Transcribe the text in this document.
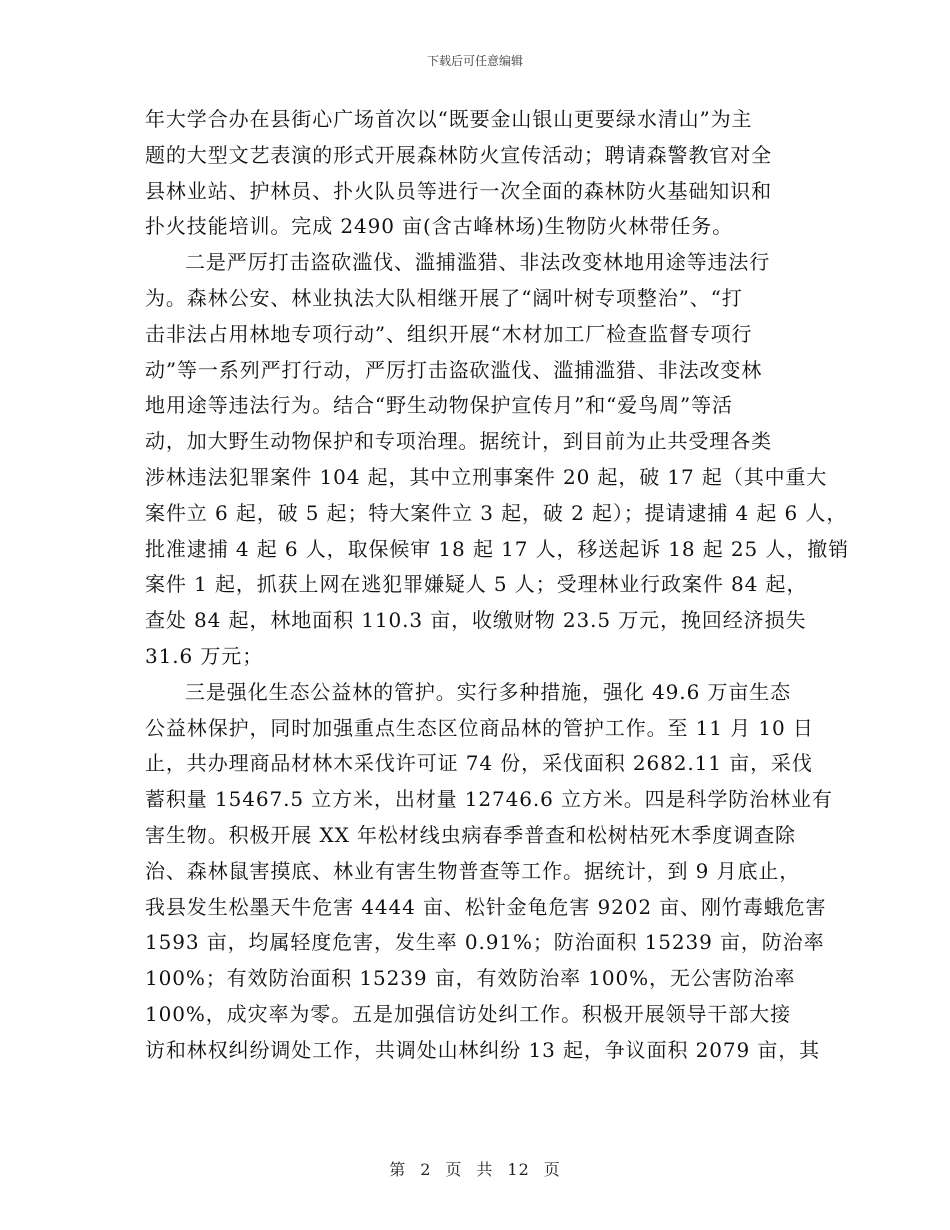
下载后可任意编辑
年大学合办在县街心广场首次以“既要金山银山更要绿水清山”为主
题的大型文艺表演的形式开展森林防火宣传活动；聘请森警教官对全
县林业站、护林员、扑火队员等进行一次全面的森林防火基础知识和
扑火技能培训。完成 2490 亩(含古峰林场)生物防火林带任务。
二是严厉打击盗砍滥伐、滥捕滥猎、非法改变林地用途等违法行
为。森林公安、林业执法大队相继开展了“阔叶树专项整治”、“打
击非法占用林地专项行动”、组织开展“木材加工厂检查监督专项行
动”等一系列严打行动，严厉打击盗砍滥伐、滥捕滥猎、非法改变林
地用途等违法行为。结合“野生动物保护宣传月”和“爱鸟周”等活
动，加大野生动物保护和专项治理。据统计，到目前为止共受理各类
涉林违法犯罪案件 104 起，其中立刑事案件 20 起，破 17 起（其中重大
案件立 6 起，破 5 起；特大案件立 3 起，破 2 起）；提请逮捕 4 起 6 人，
批准逮捕 4 起 6 人，取保候审 18 起 17 人，移送起诉 18 起 25 人，撤销
案件 1 起，抓获上网在逃犯罪嫌疑人 5 人；受理林业行政案件 84 起，
查处 84 起，林地面积 110.3 亩，收缴财物 23.5 万元，挽回经济损失
31.6 万元；
三是强化生态公益林的管护。实行多种措施，强化 49.6 万亩生态
公益林保护，同时加强重点生态区位商品林的管护工作。至 11 月 10 日
止，共办理商品材林木采伐许可证 74 份，采伐面积 2682.11 亩，采伐
蓄积量 15467.5 立方米，出材量 12746.6 立方米。四是科学防治林业有
害生物。积极开展 XX 年松材线虫病春季普查和松树枯死木季度调查除
治、森林鼠害摸底、林业有害生物普查等工作。据统计，到 9 月底止，
我县发生松墨天牛危害 4444 亩、松针金龟危害 9202 亩、刚竹毒蛾危害
1593 亩，均属轻度危害，发生率 0.91%；防治面积 15239 亩，防治率
100%；有效防治面积 15239 亩，有效防治率 100%，无公害防治率
100%，成灾率为零。五是加强信访处纠工作。积极开展领导干部大接
访和林权纠纷调处工作，共调处山林纠纷 13 起，争议面积 2079 亩，其
第 2 页 共 12 页
